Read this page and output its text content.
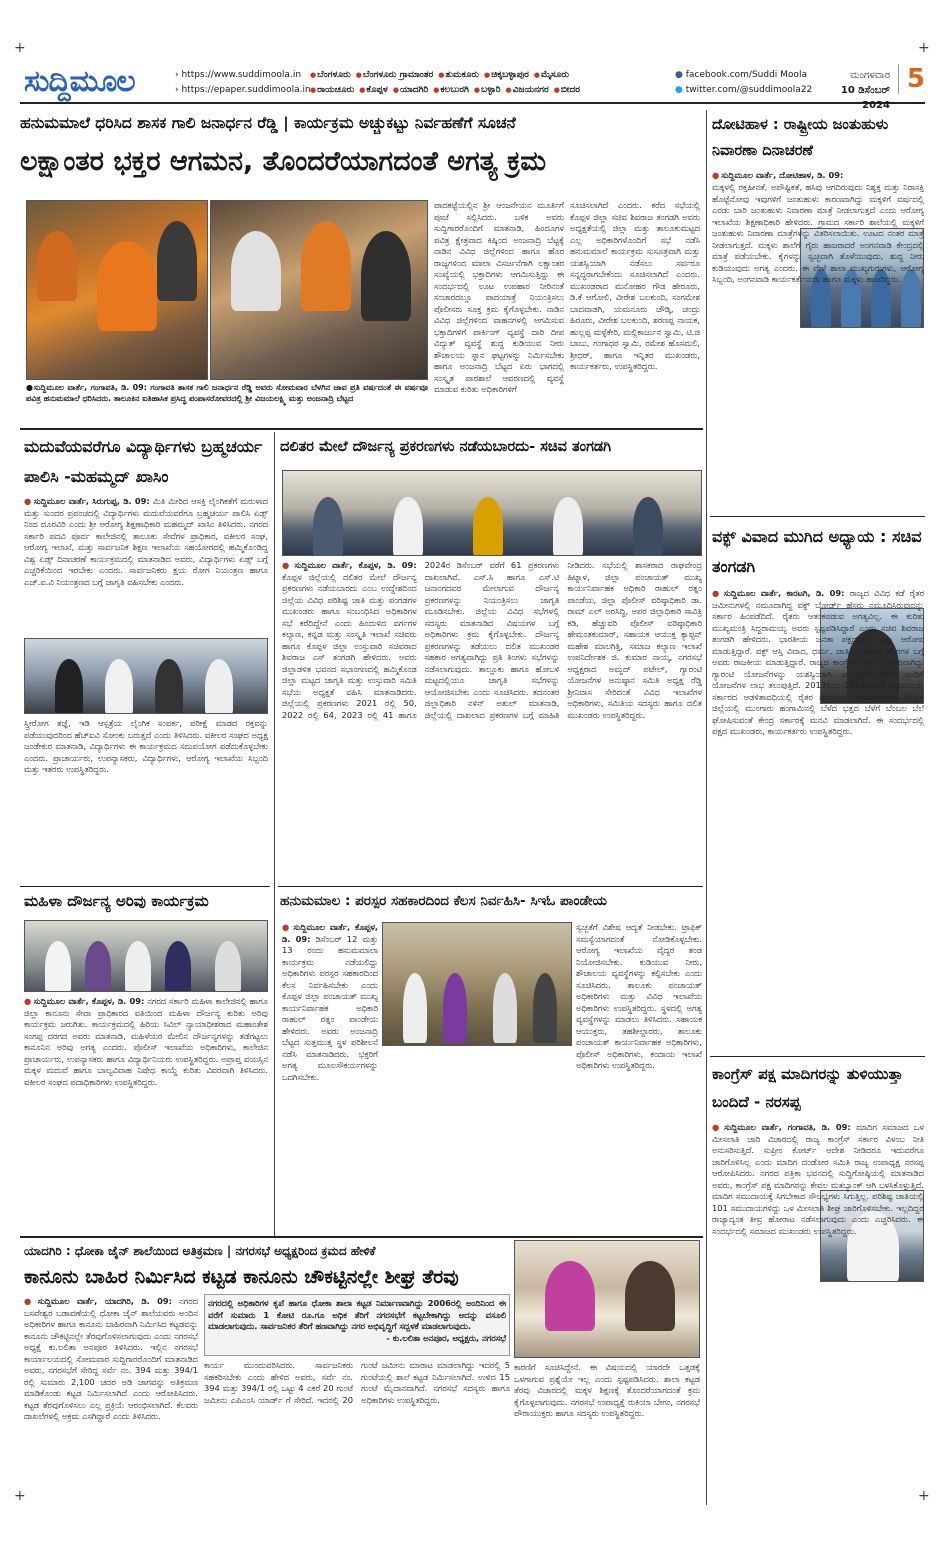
+	+
+	+
ಸುದ್ದಿಮೂಲ	› https://www.suddimoola.in
› https://epaper.suddimoola.in
● ಬೆಂಗಳೂರು ● ಬೆಂಗಳೂರು ಗ್ರಾಮಾಂತರ ● ತುಮಕೂರು ● ಚಿಕ್ಕಬಳ್ಳಾಪುರ ● ಮೈಸೂರು
● ರಾಯಚೂರು ● ಕೊಪ್ಪಳ ● ಯಾದಗಿರಿ ● ಕಲಬುರಗಿ ● ಬಳ್ಳಾರಿ ● ವಿಜಯನಗರ ● ಬೀದರ
● facebook.com/Suddi Moola
● twitter.com/@suddimoola22
ಮಂಗಳವಾರ
10 ಡಿಸೆಂಬರ್ 2024
5
ಹನುಮಮಾಲೆ ಧರಿಸಿದ ಶಾಸಕ ಗಾಲಿ ಜನಾರ್ಧನ ರೆಡ್ಡಿ | ಕಾರ್ಯಕ್ರಮ ಅಚ್ಚುಕಟ್ಟು ನಿರ್ವಹಣೆಗೆ ಸೂಚನೆ
ಲಕ್ಷಾಂತರ ಭಕ್ತರ ಆಗಮನ, ತೊಂದರೆಯಾಗದಂತೆ ಅಗತ್ಯ ಕ್ರಮ
●ಸುದ್ದಿಮೂಲ ವಾರ್ತೆ, ಗಂಗಾವತಿ, ಡಿ. 09: ಗಂಗಾವತಿ ಶಾಸಕ ಗಾಲಿ ಜನಾರ್ಧನ ರೆಡ್ಡಿ ಅವರು ಸೋಮವಾರ ಬೆಳಗಿನ ಜಾವ ಪ್ರತಿ ವರ್ಷದಂತೆ ಈ ವರ್ಷವೂ ಪವಿತ್ರ ಹನುಮಮಾಲೆ ಧರಿಸಿದರು. ತಾಲೂಕಿನ ಐತಿಹಾಸಿಕ ಪ್ರಸಿದ್ಧ ಪಂಪಾಸರೋವರದಲ್ಲಿ ಶ್ರೀ ವಿಜಯಲಕ್ಷ್ಮಿ ಮತ್ತು ಅಂಜನಾದ್ರಿ ಬೆಟ್ಟದ
ಪಾದಕಟ್ಟೆಯಲ್ಲಿನ ಶ್ರೀ ಆಂಜನೇಯನ ಮೂರ್ತಿಗೆ ಪೂಜೆ ಸಲ್ಲಿಸಿದರು. ಬಳಿಕ ಅವರು ಸುದ್ದಿಗಾರರೊಂದಿಗೆ ಮಾತನಾಡಿ, ಹಿಂದೂಗಳ ಪವಿತ್ರ ಕ್ಷೇತ್ರವಾದ ಕಿಷ್ಕಿಂದ ಅಂಜನಾದ್ರಿ ಬೆಟ್ಟಕ್ಕೆ ನಾಡಿನ ವಿವಿಧ ಜಿಲ್ಲೆಗಳಿಂದ ಹಾಗೂ ಹೊರ ರಾಜ್ಯಗಳಿಂದ ಮಾಲಾ ವಿಸರ್ಜನೆಗಾಗಿ ಲಕ್ಷಾಂತರ ಸಂಖ್ಯೆಯಲ್ಲಿ ಭಕ್ತಾದಿಗಳು ಆಗಮಿಸುತ್ತಿದ್ದು ಈ ಸಂದರ್ಭದಲ್ಲಿ ಊಟ ಉಪಹಾರ ನೀರಿನಂತೆ ಸಂಚಾರದಲ್ಲೂ ಪಾದಯಾತ್ರೆ ನಿಯಂತ್ರಿಸಲು ಪೊಲೀಸರು ಸೂಕ್ತ ಕ್ರಮ ಕೈಗೊಳ್ಳಬೇಕು. ನಾಡಿನ ವಿವಿಧ ಜಿಲ್ಲೆಗಳಿಂದ ವಾಹನಗಳಲ್ಲಿ ಆಗಮಿಸುವ ಭಕ್ತಾದಿಗಳಿಗೆ ಪಾರ್ಕಿಂಗ್ ವ್ಯವಸ್ಥೆ ದಾರಿ ದೀಪ ವಿದ್ಯುತ್ ವ್ಯವಸ್ಥೆ ಶುದ್ಧ ಕುಡಿಯುವ ನೀರು ಶೌಚಾಲಯ ಸ್ನಾನ ಘಟ್ಟಗಳನ್ನು ನಿರ್ಮಿಸಬೇಕು ಹಾಗೂ ಅಂಜನಾದ್ರಿ ಬೆಟ್ಟದ ಏರು ಭಾಗದಲ್ಲಿ ಸಂಸ್ಕೃತ ಪಾಠಶಾಲೆ ಆವರಣದಲ್ಲಿ ವ್ಯವಸ್ಥೆ ಮಾಡುವ ಕುರಿತು ಅಧಿಕಾರಿಗಳಿಗೆ
ಸೂಚಿಸಲಾಗಿದೆ ಎಂದರು. ಕರೆದ ಸಭೆಯಲ್ಲಿ ಕೊಪ್ಪಳ ಜಿಲ್ಲಾ ಸಚಿವ ಶಿವರಾಜ ತಂಗಡಗಿ ಅವರು ಅಧ್ಯಕ್ಷತೆಯಲ್ಲಿ ಜಿಲ್ಲಾ ಮತ್ತು ತಾಲೂಕುಮಟ್ಟದ ಎಲ್ಲ ಅಧಿಕಾರಿಗಳೊಂದಿಗೆ ಸಭೆ ನಡೆಸಿ ಹನುಮಮಾಲೆ ಕಾರ್ಯಕ್ರಮ ಸುಸೂತ್ರವಾಗಿ ಮತ್ತು ಯಶಸ್ವಿಯಾಗಿ ನಡೆಸಲು ಸರ್ವರೂ ಸನ್ನದ್ಧರಾಗಬೇಕೆಂದು ಸೂಚಿಸಲಾಗಿದೆ ಎಂದರು. ಮುಖಂಡರಾದ ಮನೋಹರ ಗೌಡ ಹೇರೂರು, ಡಿ.ಕೆ ಆಗೋಲಿ, ವೀರೇಶ ಬಲಕುಂದಿ, ಸಂಗಮೇಶ ಬಾದವಾಡಗಿ, ಯಮನೂರು ಚೌಡ್ಕಿ, ಚಂದ್ರು ಹಿರೂರು, ವೀರೇಶ ಬಲಕುಂದಿ, ಶರಣಪ್ಪ ನಾಯಕ, ಹುಲ್ಲಪ್ಪ ಮಳ್ಳೆಕೇರಿ, ಮಲ್ಲಿಕಾರ್ಜುನ ಸ್ವಾಮಿ, ಟಿ.ಜಿ ಬಾಬು, ಗಂಗಾಧರ ಸ್ವಾಮಿ, ರಮೇಶ ಹೊಸಮಲಿ, ಶ್ರೀಧರ್, ಹಾಗೂ ಇನ್ನಿತರ ಮುಖಂಡರು, ಕಾರ್ಯಕರ್ತರು, ಉಪಸ್ಥಿತರಿದ್ದರು.
ಮದುವೆಯವರೆಗೂ ವಿದ್ಯಾರ್ಥಿಗಳು ಬ್ರಹ್ಮಚರ್ಯ ಪಾಲಿಸಿ -ಮಹಮ್ಮದ್ ಖಾಸಿಂ
● ಸುದ್ದಿಮೂಲ ವಾರ್ತೆ, ಸಿರುಗುಪ್ಪ, ಡಿ. 09: ಮಿತಿ ಮೀರಿದ ಆಸಕ್ತಿ ಲೈಂಗಿಕತೆಗೆ ಮರುಳಾದ ಮತ್ತು ಸುಂದರ ಪ್ರಪಂಚದಲ್ಲಿ ವಿದ್ಯಾರ್ಥಿಗಳು ಮದುವೆಯವರೆಗೂ ಬ್ರಹ್ಮಚರ್ಯ ಪಾಲಿಸಿ ಏಡ್ಸ್ ನಿಂದ ದೂರವಿರಿ ಎಂದು ಶ್ರೀ ಆರೋಗ್ಯ ಶಿಕ್ಷಣಾಧಿಕಾರಿ ಮಹಮ್ಮದ್ ಖಾಸಿಂ ತಿಳಿಸಿದರು. ನಗರದ ಸರ್ಕಾರಿ ಪದವಿ ಪೂರ್ವ ಕಾಲೇಜಿನಲ್ಲಿ ತಾಲೂಕು ಸೇವೆಗಳ ಪ್ರಾಧಿಕಾರ, ವಕೀಲರ ಸಂಘ, ಆರೋಗ್ಯ ಇಲಾಖೆ, ಮತ್ತು ಸಾರ್ವಜನಿಕ ಶಿಕ್ಷಣ ಇಲಾಖೆಯ ಸಹಯೋಗದಲ್ಲಿ ಹಮ್ಮಿಕೊಂಡಿದ್ದ ವಿಶ್ವ ಏಡ್ಸ್ ದಿನಾಚರಣೆ ಕಾರ್ಯಕ್ರಮದಲ್ಲಿ ಮಾತನಾಡಿದ ಅವರು, ವಿದ್ಯಾರ್ಥಿಗಳು ಏಡ್ಸ್ ಬಗ್ಗೆ ಎಚ್ಚರಿಕೆಯಿಂದ ಇರಬೇಕು ಎಂದರು. ಸಾರ್ವಜನಿಕರು ಕ್ಷಯ ರೋಗ ನಿಯಂತ್ರಣ ಹಾಗೂ ಎಚ್.ಐ.ವಿ ನಿಯಂತ್ರಣದ ಬಗ್ಗೆ ಜಾಗೃತಿ ವಹಿಸಬೇಕು ಎಂದರು.
ಸ್ತ್ರೀರೋಗ ತಜ್ಞೆ, ಇಡಿ ಆಸ್ಪತ್ರೆಯ ಲೈಂಗಿಕ ಸಂಪರ್ಕ, ಪರೀಕ್ಷೆ ಮಾಡದ ರಕ್ತವನ್ನು ಪಡೆಯುವುದರಿಂದ ಹೆಚ್ಐವಿ ಸೋಂಕು ಬರುತ್ತದೆ ಎಂದು ತಿಳಿಸಿದರು. ವಕೀಲರ ಸಂಘದ ಅಧ್ಯಕ್ಷ ಜಂಡೇಕುರ ಮಾತನಾಡಿ, ವಿದ್ಯಾರ್ಥಿಗಳು ಈ ಕಾರ್ಯಕ್ರಮದ ಸದುಪಯೋಗ ಪಡೆದುಕೊಳ್ಳಬೇಕು ಎಂದರು. ಪ್ರಾಚಾರ್ಯರು, ಉಪನ್ಯಾಸಕರು, ವಿದ್ಯಾರ್ಥಿಗಳು, ಆರೋಗ್ಯ ಇಲಾಖೆಯ ಸಿಬ್ಬಂದಿ ಮತ್ತು ಇತರರು ಉಪಸ್ಥಿತರಿದ್ದರು.
ಮಹಿಳಾ ದೌರ್ಜನ್ಯ ಅರಿವು ಕಾರ್ಯಕ್ರಮ
● ಸುದ್ದಿಮೂಲ ವಾರ್ತೆ, ಕೊಪ್ಪಳ, ಡಿ. 09: ನಗರದ ಸರ್ಕಾರಿ ಮಹಿಳಾ ಕಾಲೇಜಿನಲ್ಲಿ ಹಾಗೂ ಜಿಲ್ಲಾ ಕಾನೂನು ಸೇವಾ ಪ್ರಾಧಿಕಾರದ ವತಿಯಿಂದ ಮಹಿಳಾ ದೌರ್ಜನ್ಯ ಕುರಿತು ಅರಿವು ಕಾರ್ಯಕ್ರಮ ಜರುಗಿತು. ಕಾರ್ಯಕ್ರಮದಲ್ಲಿ ಹಿರಿಯ ಸಿವಿಲ್ ನ್ಯಾಯಾಧೀಶರಾದ ಮಹಾಂತೇಶ ಸಂಗಪ್ಪ ದರಗದ ಅವರು ಮಾತನಾಡಿ, ಮಹಿಳೆಯರ ಮೇಲಿನ ದೌರ್ಜನ್ಯಗಳನ್ನು ತಡೆಗಟ್ಟಲು ಕಾನೂನಿನ ಅರಿವು ಅಗತ್ಯ ಎಂದರು. ಪೊಲೀಸ್ ಇಲಾಖೆಯ ಅಧಿಕಾರಿಗಳು, ಕಾಲೇಜಿನ ಪ್ರಾಚಾರ್ಯರು, ಉಪನ್ಯಾಸಕರು ಹಾಗೂ ವಿದ್ಯಾರ್ಥಿನಿಯರು ಉಪಸ್ಥಿತರಿದ್ದರು. ಅಪ್ರಾಪ್ತ ವಯಸ್ಸಿನ ಮಕ್ಕಳ ಮದುವೆ ಹಾಗೂ ಬಾಲ್ಯವಿವಾಹ ನಿಷೇಧ ಕಾಯ್ದೆ ಕುರಿತು ವಿವರವಾಗಿ ತಿಳಿಸಿದರು. ವಕೀಲರ ಸಂಘದ ಪದಾಧಿಕಾರಿಗಳು ಉಪಸ್ಥಿತರಿದ್ದರು.
ದಲಿತರ ಮೇಲೆ ದೌರ್ಜನ್ಯ ಪ್ರಕರಣಗಳು ನಡೆಯಬಾರದು- ಸಚಿವ ತಂಗಡಗಿ
● ಸುದ್ದಿಮೂಲ ವಾರ್ತೆ, ಕೊಪ್ಪಳ, ಡಿ. 09: ಕೊಪ್ಪಳ ಜಿಲ್ಲೆಯಲ್ಲಿ ದಲಿತರ ಮೇಲೆ ದೌರ್ಜನ್ಯ ಪ್ರಕರಣಗಳು ನಡೆಯಬಾರದು ಎಂಬ ಉದ್ದೇಶದಿಂದ ಜಿಲ್ಲೆಯ ವಿವಿಧ ಪರಿಶಿಷ್ಟ ಜಾತಿ ಮತ್ತು ಪಂಗಡಗಳ ಮುಖಂಡರು ಹಾಗೂ ಸಂಬಂಧಿಸಿದ ಅಧಿಕಾರಿಗಳ ಸಭೆ ಕರೆದಿದ್ದೇನೆ ಎಂದು ಹಿಂದುಳಿದ ವರ್ಗಗಳ ಕಲ್ಯಾಣ, ಕನ್ನಡ ಮತ್ತು ಸಂಸ್ಕೃತಿ ಇಲಾಖೆ ಸಚಿವರು ಹಾಗೂ ಕೊಪ್ಪಳ ಜಿಲ್ಲಾ ಉಸ್ತುವಾರಿ ಸಚಿವರಾದ ಶಿವರಾಜ ಎಸ್ ತಂಗಡಗಿ ಹೇಳಿದರು. ಅವರು ಜಿಲ್ಲಾಡಳಿತ ಭವನದ ಸಭಾಂಗಣದಲ್ಲಿ ಹಮ್ಮಿಕೊಂಡ ಜಿಲ್ಲಾ ಮಟ್ಟದ ಜಾಗೃತಿ ಮತ್ತು ಉಸ್ತುವಾರಿ ಸಮಿತಿ ಸಭೆಯ ಅಧ್ಯಕ್ಷತೆ ವಹಿಸಿ ಮಾತನಾಡಿದರು. ಜಿಲ್ಲೆಯಲ್ಲಿ ಪ್ರಕರಣಗಳು 2021 ರಲ್ಲಿ 50, 2022 ರಲ್ಲಿ 64, 2023 ರಲ್ಲಿ 41 ಹಾಗೂ 2024ರ ಡಿಸೆಂಬರ್ ವರೆಗೆ 61 ಪ್ರಕರಣಗಳು ದಾಖಲಾಗಿವೆ. ಎಸ್.ಸಿ ಹಾಗೂ ಎಸ್.ಟಿ ಜನಾಂಗದವರ ಮೇಲಾಗುವ ದೌರ್ಜನ್ಯ ಪ್ರಕರಣಗಳನ್ನು ನಿಯಂತ್ರಿಸಲು ಜಾಗೃತಿ ಮೂಡಿಸಬೇಕು. ಜಿಲ್ಲೆಯ ವಿವಿಧ ಸಭೆಗಳಲ್ಲಿ ಸದಸ್ಯರು ಮಾತನಾಡಿದ ವಿಷಯಗಳ ಬಗ್ಗೆ ಅಧಿಕಾರಿಗಳು ಕ್ರಮ ಕೈಗೊಳ್ಳಬೇಕು. ದೌರ್ಜನ್ಯ ಪ್ರಕರಣಗಳನ್ನು ತಡೆಯಲು ದಲಿತ ಮುಖಂಡರ ಸಹಕಾರ ಅಗತ್ಯವಾಗಿದ್ದು ಪ್ರತಿ ತಿಂಗಳು ಸಭೆಗಳನ್ನು ನಡೆಸಲಾಗುವುದು. ತಾಲ್ಲೂಕು ಹಾಗೂ ಹೋಬಳಿ ಮಟ್ಟದಲ್ಲಿಯೂ ಜಾಗೃತಿ ಸಭೆಗಳನ್ನು ಆಯೋಜಿಸಬೇಕು ಎಂದು ಸೂಚಿಸಿದರು. ತದನಂತರ ಜಿಲ್ಲಾಧಿಕಾರಿ ನಳಿನ್ ಅತುಲ್ ಮಾತನಾಡಿ, ಜಿಲ್ಲೆಯಲ್ಲಿ ದಾಖಲಾದ ಪ್ರಕರಣಗಳ ಬಗ್ಗೆ ಮಾಹಿತಿ ನೀಡಿದರು. ಸಭೆಯಲ್ಲಿ ಶಾಸಕರಾದ ರಾಘವೇಂದ್ರ ಹಿಟ್ನಾಳ, ಜಿಲ್ಲಾ ಪಂಚಾಯತ್ ಮುಖ್ಯ ಕಾರ್ಯನಿರ್ವಾಹಕ ಅಧಿಕಾರಿ ರಾಹುಲ್ ರತ್ನಂ ಪಾಂಡೆಯ, ಜಿಲ್ಲಾ ಪೊಲೀಸ್ ವರಿಷ್ಠಾಧಿಕಾರಿ ಡಾ. ರಾಮ್ ಎಲ್ ಅರಸಿದ್ಧಿ, ಅಪರ ಜಿಲ್ಲಾಧಿಕಾರಿ ಸಾವಿತ್ರಿ ಕಡಿ, ಹೆಚ್ಚುವರಿ ಪೊಲೀಸ್ ವರಿಷ್ಠಾಧಿಕಾರಿ ಹೇಮಂತಕುಮಾರ್, ಸಹಾಯಕ ಆಯುಕ್ತ ಕ್ಯಾಪ್ಟನ್ ಮಹೇಶ ಮಾಲಗಿತ್ತಿ, ಸಮಾಜ ಕಲ್ಯಾಣ ಇಲಾಖೆ ಉಪನಿರ್ದೇಶಕ ಜಿ. ಕುಮಾರ ನಾಯ್ಕ, ನಗರಸಭೆ ಅಧ್ಯಕ್ಷರಾದ ಅಮ್ಜದ್ ಪಟೇಲ್, ಗ್ಯಾರಂಟಿ ಯೋಜನೆಗಳ ಅನುಷ್ಠಾನ ಸಮಿತಿ ಅಧ್ಯಕ್ಷ ರೆಡ್ಡಿ ಶ್ರೀನಿವಾಸ ಸೇರಿದಂತೆ ವಿವಿಧ ಇಲಾಖೆಗಳ ಅಧಿಕಾರಿಗಳು, ಸಮಿತಿಯ ಸದಸ್ಯರು ಹಾಗೂ ದಲಿತ ಮುಖಂಡರು ಉಪಸ್ಥಿತರಿದ್ದರು.
ಹನುಮಮಾಲ : ಪರಸ್ಪರ ಸಹಕಾರದಿಂದ ಕೆಲಸ ನಿರ್ವಹಿಸಿ- ಸಿಇಓ ಪಾಂಡೇಯ
● ಸುದ್ದಿಮೂಲ ವಾರ್ತೆ, ಕೊಪ್ಪಳ, ಡಿ. 09: ಡಿಸೆಂಬರ್ 12 ಮತ್ತು 13 ರಂದು ಹನುಮಮಾಲಾ ಕಾರ್ಯಕ್ರಮ ನಡೆಯಲಿದ್ದು ಅಧಿಕಾರಿಗಳು ಪರಸ್ಪರ ಸಹಕಾರದಿಂದ ಕೆಲಸ ನಿರ್ವಹಿಸಬೇಕು ಎಂದು ಕೊಪ್ಪಳ ಜಿಲ್ಲಾ ಪಂಚಾಯತ್ ಮುಖ್ಯ ಕಾರ್ಯನಿರ್ವಾಹಕ ಅಧಿಕಾರಿ ರಾಹುಲ್ ರತ್ನಂ ಪಾಂಡೇಯ ಹೇಳಿದರು. ಅವರು ಅಂಜನಾದ್ರಿ ಬೆಟ್ಟದ ಸುತ್ತಮುತ್ತ ಸ್ಥಳ ಪರಿಶೀಲನೆ ನಡೆಸಿ ಮಾತನಾಡಿದರು. ಭಕ್ತರಿಗೆ ಅಗತ್ಯ ಮೂಲಸೌಕರ್ಯಗಳನ್ನು ಒದಗಿಸಬೇಕು.
ಸ್ವಚ್ಛತೆಗೆ ವಿಶೇಷ ಆದ್ಯತೆ ನೀಡಬೇಕು. ಟ್ರಾಫಿಕ್ ಸಮಸ್ಯೆಯಾಗದಂತೆ ನೋಡಿಕೊಳ್ಳಬೇಕು. ಆರೋಗ್ಯ ಇಲಾಖೆಯ ವೈದ್ಯರ ತಂಡ ನಿಯೋಜಿಸಬೇಕು. ಕುಡಿಯುವ ನೀರು, ಶೌಚಾಲಯ ವ್ಯವಸ್ಥೆಗಳನ್ನು ಕಲ್ಪಿಸಬೇಕು ಎಂದು ಸೂಚಿಸಿದರು. ತಾಲೂಕು ಪಂಚಾಯತ್ ಅಧಿಕಾರಿಗಳು ಮತ್ತು ವಿವಿಧ ಇಲಾಖೆಯ ಅಧಿಕಾರಿಗಳು ಉಪಸ್ಥಿತರಿದ್ದರು. ಸ್ಥಳದಲ್ಲಿ ಅಗತ್ಯ ವ್ಯವಸ್ಥೆಗಳನ್ನು ಮಾಡಲು ತಿಳಿಸಿದರು. ಸಹಾಯಕ ಆಯುಕ್ತರು, ತಹಶೀಲ್ದಾರರು, ತಾಲೂಕು ಪಂಚಾಯತ್ ಕಾರ್ಯನಿರ್ವಾಹಕ ಅಧಿಕಾರಿಗಳು, ಪೊಲೀಸ್ ಅಧಿಕಾರಿಗಳು, ಕಂದಾಯ ಇಲಾಖೆ ಅಧಿಕಾರಿಗಳು ಉಪಸ್ಥಿತರಿದ್ದರು.
ದೋಟಿಹಾಳ : ರಾಷ್ಟ್ರೀಯ ಜಂತುಹುಳು ನಿವಾರಣಾ ದಿನಾಚರಣೆ
● ಸುದ್ದಿಮೂಲ ವಾರ್ತೆ, ದೋಟಿಹಾಳ, ಡಿ. 09:
ಮಕ್ಕಳಲ್ಲಿ ರಕ್ತಹೀನತೆ, ಅಪೌಷ್ಟಿಕತೆ, ಹಸಿವು ಆಗದಿರುವುದು ನಿಶ್ಯಕ್ತ ಮತ್ತು ನಿರಾಸಕ್ತಿ ಹೊಟ್ಟೆನೋವು ಇವುಗಳಿಗೆ ಜಂತುಹುಳು ಕಾರಣವಾಗಿದ್ದು ಮಕ್ಕಳಿಗೆ ವರ್ಷದಲ್ಲಿ ಎರಡು ಬಾರಿ ಜಂತುಹುಳು ನಿವಾರಣಾ ಮಾತ್ರೆ ನೀಡಲಾಗುತ್ತದೆ ಎಂದು ಆರೋಗ್ಯ ಇಲಾಖೆಯ ಶಿಕ್ಷಣಾಧಿಕಾರಿ ಹೇಳಿದರು. ಗ್ರಾಮದ ಸರ್ಕಾರಿ ಶಾಲೆಯಲ್ಲಿ ಮಕ್ಕಳಿಗೆ ಜಂತುಹುಳು ನಿವಾರಣಾ ಮಾತ್ರೆಗಳನ್ನು ವಿತರಿಸಲಾಯಿತು. ಊಟದ ನಂತರ ಮಾತ್ರೆ ನೀಡಲಾಗುತ್ತದೆ. ಮಕ್ಕಳು ಶಾಲೆಗೆ ಗೈರು ಹಾಜರಾದರೆ ಅಂಗನವಾಡಿ ಕೇಂದ್ರದಲ್ಲಿ ಮಾತ್ರೆ ಪಡೆಯಬೇಕು. ಕೈಗಳನ್ನು ಸ್ವಚ್ಛವಾಗಿ ತೊಳೆಯುವುದು, ಶುದ್ಧ ನೀರು ಕುಡಿಯುವುದು ಅಗತ್ಯ ಎಂದರು. ಈ ವೇಳೆ ಶಾಲಾ ಮುಖ್ಯಗುರುಗಳು, ಆರೋಗ್ಯ ಸಿಬ್ಬಂದಿ, ಅಂಗನವಾಡಿ ಕಾರ್ಯಕರ್ತೆಯರು ಹಾಗೂ ಮಕ್ಕಳು ಹಾಜರಿದ್ದರು.
ವಕ್ಫ್ ವಿವಾದ ಮುಗಿದ ಅಧ್ಯಾಯ : ಸಚಿವ ತಂಗಡಗಿ
● ಸುದ್ದಿಮೂಲ ವಾರ್ತೆ, ಕಾರಟಗಿ, ಡಿ. 09: ರಾಜ್ಯದ ವಿವಿಧ ಕಡೆ ರೈತರ ಜಮೀನುಗಳಲ್ಲಿ ನಮೂದಾಗಿದ್ದ ವಕ್ಫ್ ಬೋರ್ಡ್ ಹೆಸರು ನಮೂದಿಸಿರುವುದನ್ನು ಸರ್ಕಾರ ಹಿಂಪಡೆದಿದೆ. ರೈತರು ಆತಂಕಪಡುವ ಅಗತ್ಯವಿಲ್ಲ. ಈ ಕುರಿತು ಮುಖ್ಯಮಂತ್ರಿ ಸಿದ್ದರಾಮಯ್ಯ ಅವರು ಸ್ಪಷ್ಟಪಡಿಸಿದ್ದಾರೆ ಎಂದು ಸಚಿವ ಶಿವರಾಜ ತಂಗಡಗಿ ಹೇಳಿದರು. ಭಾರತೀಯ ಜನತಾ ಪಕ್ಷದವರು ಸುಳ್ಳು ಆರೋಪ ಮಾಡುತ್ತಿದ್ದಾರೆ. ವಕ್ಫ್ ಆಸ್ತಿ ವಿವಾದ, ಧರ್ಮ, ಜಾತಿ, ದೇವಸ್ಥಾನ, ಮಠಗಳ ಬಗ್ಗೆ ಅವರು ರಾಜಕೀಯ ಮಾಡುತ್ತಿದ್ದಾರೆ. ರಾಜ್ಯದ ಕಾಂಗ್ರೆಸ್ ಸರ್ಕಾರ ಜನಪರವಾಗಿದ್ದು ಗ್ಯಾರಂಟಿ ಯೋಜನೆಗಳನ್ನು ಯಶಸ್ವಿಯಾಗಿ ಅನುಷ್ಠಾನಗೊಳಿಸಿದೆ. ಜನರಿಗೆ ಯೋಜನೆಗಳ ಲಾಭ ತಲುಪುತ್ತಿದೆ. 2013ರಿಂದ 2018ರವರೆಗೆ ಸಿದ್ದರಾಮಯ್ಯ ಸರ್ಕಾರದ ಆಡಳಿತಾವಧಿಯಲ್ಲಿ ರೈತರ ಸಾಲಮನ್ನಾ ಮಾಡಲಾಯಿತು. ಕೊಪ್ಪಳ ಜಿಲ್ಲೆಯಲ್ಲಿ ಮುಂಗಾರು ಹಂಗಾಮಿನಲ್ಲಿ ಬೆಳೆದ ಭತ್ತದ ಬೆಳೆಗೆ ಬೆಂಬಲ ಬೆಲೆ ಘೋಷಿಸುವಂತೆ ಕೇಂದ್ರ ಸರ್ಕಾರಕ್ಕೆ ಮನವಿ ಮಾಡಲಾಗಿದೆ. ಈ ಸಂದರ್ಭದಲ್ಲಿ ಪಕ್ಷದ ಮುಖಂಡರು, ಕಾರ್ಯಕರ್ತರು ಉಪಸ್ಥಿತರಿದ್ದರು.
ಕಾಂಗ್ರೆಸ್ ಪಕ್ಷ ಮಾದಿಗರನ್ನು ತುಳಿಯುತ್ತಾ ಬಂದಿದೆ - ನರಸಪ್ಪ
● ಸುದ್ದಿಮೂಲ ವಾರ್ತೆ, ಗಂಗಾವತಿ, ಡಿ. 09: ಮಾದಿಗ ಸಮಾಜದ ಒಳ ಮೀಸಲಾತಿ ಜಾರಿ ವಿಚಾರದಲ್ಲಿ ರಾಜ್ಯ ಕಾಂಗ್ರೆಸ್ ಸರ್ಕಾರ ವಿಳಂಬ ನೀತಿ ಅನುಸರಿಸುತ್ತಿದೆ. ಸುಪ್ರೀಂ ಕೋರ್ಟ್ ಆದೇಶ ನೀಡಿದರೂ ಇದುವರೆಗೂ ಜಾರಿಗೊಳಿಸಿಲ್ಲ ಎಂದು ಮಾದಿಗ ದಂಡೋರ ಸಮಿತಿ ರಾಜ್ಯ ಉಪಾಧ್ಯಕ್ಷ ನರಸಪ್ಪ ಆರೋಪಿಸಿದರು. ನಗರದ ಪತ್ರಿಕಾ ಭವನದಲ್ಲಿ ಸುದ್ದಿಗೋಷ್ಠಿಯಲ್ಲಿ ಮಾತನಾಡಿದ ಅವರು, ಕಾಂಗ್ರೆಸ್ ಪಕ್ಷ ಮಾದಿಗರನ್ನು ಕೇವಲ ಮತಬ್ಯಾಂಕ್ ಆಗಿ ಬಳಸಿಕೊಳ್ಳುತ್ತಿದೆ. ಮಾದಿಗ ಸಮುದಾಯಕ್ಕೆ ಸಿಗಬೇಕಾದ ಸೌಲಭ್ಯಗಳು ಸಿಗುತ್ತಿಲ್ಲ. ಪರಿಶಿಷ್ಟ ಜಾತಿಯಲ್ಲಿ 101 ಸಮುದಾಯಗಳಿದ್ದು ಒಳ ಮೀಸಲಾತಿ ಶೀಘ್ರ ಜಾರಿಗೊಳಿಸಬೇಕು. ಇಲ್ಲದಿದ್ದರೆ ರಾಜ್ಯಾದ್ಯಂತ ತೀವ್ರ ಹೋರಾಟ ನಡೆಸಲಾಗುವುದು ಎಂದು ಎಚ್ಚರಿಸಿದರು. ಈ ಸಂದರ್ಭದಲ್ಲಿ ಸಮಾಜದ ಮುಖಂಡರು ಉಪಸ್ಥಿತರಿದ್ದರು.
ಯಾದಗಿರಿ : ಧೋಕಾ ಜೈನ್ ಶಾಲೆಯಿಂದ ಅತಿಕ್ರಮಣ | ನಗರಸಭೆ ಅಧ್ಯಕ್ಷರಿಂದ ಕ್ರಮದ ಹೇಳಿಕೆ
ಕಾನೂನು ಬಾಹಿರ ನಿರ್ಮಿಸಿದ ಕಟ್ಟಡ ಕಾನೂನು ಚೌಕಟ್ಟಿನಲ್ಲೇ ಶೀಘ್ರ ತೆರವು
● ಸುದ್ದಿಮೂಲ ವಾರ್ತೆ, ಯಾದಗಿರಿ, ಡಿ. 09: ನಗರದ ಬಸವೇಶ್ವರ ಬಡಾವಣೆಯಲ್ಲಿ ಧೋಕಾ ಜೈನ್ ಶಾಲೆಯವರು ಅಂದಿನ ಅಧಿಕಾರಿಗಳ ಹಾಗೂ ಕಾನೂನು ಬಾಹಿರವಾಗಿ ನಿರ್ಮಿಸಿದ ಕಟ್ಟಡವನ್ನು ಕಾನೂನು ಚೌಕಟ್ಟಿನಲ್ಲೇ ತೆರವುಗೊಳಿಸಲಾಗುವುದು ಎಂದು ನಗರಸಭೆ ಅಧ್ಯಕ್ಷೆ ಕು.ಲಲಿತಾ ಅನಪೂರ ತಿಳಿಸಿದರು. ಇಲ್ಲಿನ ನಗರಸಭೆ ಕಾರ್ಯಾಲಯದಲ್ಲಿ ಸೋಮವಾರ ಸುದ್ದಿಗಾರರೊಂದಿಗೆ ಮಾತನಾಡಿದ ಅವರು, ನಗರಸಭೆಗೆ ಸೇರಿದ್ದ ಸರ್ವೆ ನಂ. 394 ಮತ್ತು 394/1 ರಲ್ಲಿ ಸುಮಾರು 2,100 ಚದರ ಅಡಿ ಜಾಗವನ್ನು ಅತಿಕ್ರಮಣ ಮಾಡಿಕೊಂಡು ಕಟ್ಟಡ ನಿರ್ಮಿಸಲಾಗಿದೆ ಎಂದು ಆರೋಪಿಸಿದರು. ಕಟ್ಟಡ ತೆರವುಗೊಳಿಸಲು ಎಲ್ಲ ಪ್ರಕ್ರಿಯೆ ಆರಂಭಿಸಲಾಗಿದೆ. ಕೆಲವರು ದಾಖಲೆಗಳಲ್ಲಿ ಅಕ್ರಮ ಎಸಗಿದ್ದಾರೆ ಎಂದು ತಿಳಿಸಿದರು.
ನಗರದಲ್ಲಿ ಅಧಿಕಾರಿಗಳ ಕೃಪೆ ಹಾಗೂ ಧೋಕಾ ಶಾಲಾ ಕಟ್ಟಡ ನಿರ್ಮಾಣವಾಗಿದ್ದು 2006ರಲ್ಲಿ ಅಂದಿನಿಂದ ಈ ವರೆಗೆ ಸುಮಾರು 1 ಕೋಟಿ ರೂ.ಗೂ ಅಧಿಕ ತೆರಿಗೆ ನಗರಸಭೆಗೆ ಕಟ್ಟಬೇಕಾಗಿದ್ದು ಅದನ್ನು ವಸೂಲಿ ಮಾಡಲಾಗುವುದು. ಸಾರ್ವಜನಿಕರ ತೆರಿಗೆ ಹಣವಾಗಿದ್ದು ನಗರ ಅಭಿವೃದ್ಧಿಗೆ ಸದ್ಬಳಕೆ ಮಾಡಲಾಗುವುದು.
- ಕು.ಲಲಿತಾ ಅನಪೂರ, ಅಧ್ಯಕ್ಷರು, ನಗರಸಭೆ
ಕಾರ್ಯ ಮುಂದುವರಿಸಿದರು. ಸಾರ್ವಜನಿಕರು ಸಹಕರಿಸಬೇಕು ಎಂದು ಹೇಳಿದ ಅವರು, ಸರ್ವೆ ನಂ. 394 ಮತ್ತು 394/1 ರಲ್ಲಿ ಒಟ್ಟು 4 ಎಕರೆ 20 ಗುಂಟೆ ಜಮೀನು ಎಪಿಎಂಸಿ ಯಾರ್ಡ್ ಗೆ ಸೇರಿದೆ. ಇದರಲ್ಲಿ 20 ಗುಂಟೆ ಜಮೀನು ಮಾರಾಟ ಮಾಡಲಾಗಿದ್ದು ಇದರಲ್ಲಿ 5 ಗುಂಟೆಯಲ್ಲಿ ಶಾಲೆ ಕಟ್ಟಡ ನಿರ್ಮಿಸಲಾಗಿದೆ. ಉಳಿದ 15 ಗುಂಟೆ ಮೈದಾನವಾಗಿದೆ. ನಗರಸಭೆ ಸದಸ್ಯರು ಹಾಗೂ ಅಧಿಕಾರಿಗಳು ಉಪಸ್ಥಿತರಿದ್ದರು.
ಕಾರಣಿಗೆ ಸೂಚಿಸಿದ್ದೇನೆ. ಈ ವಿಷಯದಲ್ಲಿ ಯಾರದೇ ಒತ್ತಡಕ್ಕೆ ಒಳಗಾಗುವ ಪ್ರಶ್ನೆಯೇ ಇಲ್ಲ ಎಂದು ಸ್ಪಷ್ಟಪಡಿಸಿದರು. ಶಾಲಾ ಕಟ್ಟಡ ತೆರವು ವಿಚಾರದಲ್ಲಿ ಮಕ್ಕಳ ಶಿಕ್ಷಣಕ್ಕೆ ತೊಂದರೆಯಾಗದಂತೆ ಕ್ರಮ ಕೈಗೊಳ್ಳಲಾಗುವುದು. ನಗರಸಭೆ ಉಪಾಧ್ಯಕ್ಷೆ ರುಕಿಯಾ ಬೇಗಂ, ನಗರಸಭೆ ಪೌರಾಯುಕ್ತರು ಹಾಗೂ ಸದಸ್ಯರು ಉಪಸ್ಥಿತರಿದ್ದರು.
